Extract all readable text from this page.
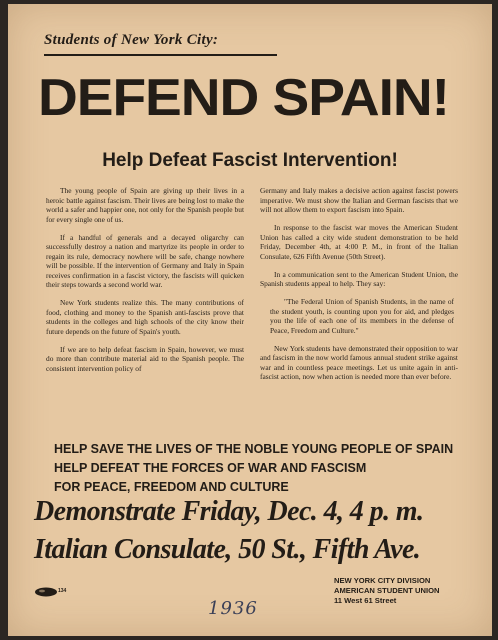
Students of New York City:
DEFEND SPAIN!
Help Defeat Fascist Intervention!

The young people of Spain are giving up their lives in a heroic battle against fascism. Their lives are being lost to make the world a safer and happier one, not only for the Spanish people but for every single one of us.

If a handful of generals and a decayed oligarchy can successfully destroy a nation and martyrize its people in order to regain its rule, democracy nowhere will be safe, change nowhere will be possible. If the intervention of Germany and Italy in Spain receives confirmation in a fascist victory, the fascists will quicken their steps towards a second world war.

New York students realize this. The many contributions of food, clothing and money to the Spanish anti-fascists prove that students in the colleges and high schools of the city know their future depends on the future of Spain's youth.

If we are to help defeat fascism in Spain, however, we must do more than contribute material aid to the Spanish people. The consistent intervention policy of

Germany and Italy makes a decisive action against fascist powers imperative. We must show the Italian and German fascists that we will not allow them to export fascism into Spain.

In response to the fascist war moves the American Student Union has called a city wide student demonstration to be held Friday, December 4th, at 4:00 P. M., in front of the Italian Consulate, 626 Fifth Avenue (50th Street).

In a communication sent to the American Student Union, the Spanish students appeal to help. They say:

"The Federal Union of Spanish Students, in the name of the student youth, is counting upon you for aid, and pledges you the life of each one of its members in the defense of Peace, Freedom and Culture."

New York students have demonstrated their opposition to war and fascism in the now world famous annual student strike against war and in countless peace meetings. Let us unite again in anti-fascist action, now when action is needed more than ever before.

HELP SAVE THE LIVES OF THE NOBLE YOUNG PEOPLE OF SPAIN
HELP DEFEAT THE FORCES OF WAR AND FASCISM
FOR PEACE, FREEDOM AND CULTURE
Demonstrate Friday, Dec. 4, 4 p. m.
Italian Consulate, 50 St., Fifth Ave.
134
1936
NEW YORK CITY DIVISION
AMERICAN STUDENT UNION
11 West 61 Street
